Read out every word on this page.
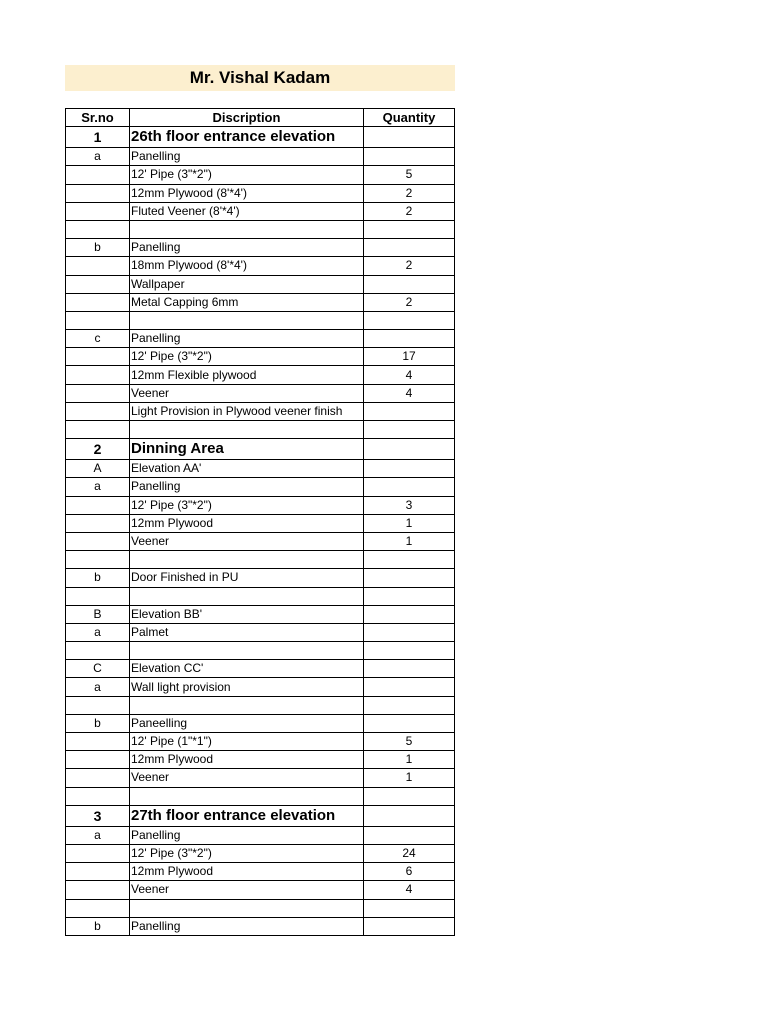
Mr. Vishal Kadam
Sr.no	Discription	Quantity
1	26th floor entrance elevation	
a	Panelling	
	12' Pipe (3"*2")	5
	12mm Plywood (8'*4')	2
	Fluted Veener (8'*4')	2

b	Panelling	
	18mm Plywood (8'*4')	2
	Wallpaper	
	Metal Capping 6mm	2

c	Panelling	
	12' Pipe (3"*2")	17
	12mm Flexible plywood	4
	Veener	4
	Light Provision in Plywood veener finish	

2	Dinning Area	
A	Elevation AA'	
a	Panelling	
	12' Pipe (3"*2")	3
	12mm Plywood	1
	Veener	1

b	Door Finished in PU	

B	Elevation BB'	
a	Palmet	

C	Elevation CC'	
a	Wall light provision	

b	Paneelling	
	12' Pipe (1"*1")	5
	12mm Plywood	1
	Veener	1

3	27th floor entrance elevation	
a	Panelling	
	12' Pipe (3"*2")	24
	12mm Plywood	6
	Veener	4

b	Panelling	
